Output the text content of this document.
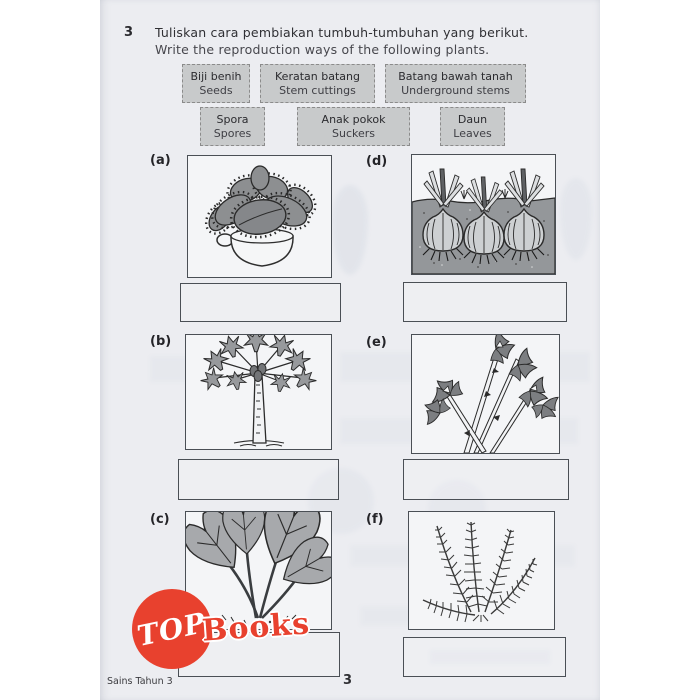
3 Tuliskan cara pembiakan tumbuh-tumbuhan yang berikut.
Write the reproduction ways of the following plants.
Biji benih
Seeds
Keratan batang
Stem cuttings
Batang bawah tanah
Underground stems
Spora
Spores
Anak pokok
Suckers
Daun
Leaves
(a)	(d)
(b)	(e)
(c)	(f)
TOP
Books
Sains Tahun 3	3
